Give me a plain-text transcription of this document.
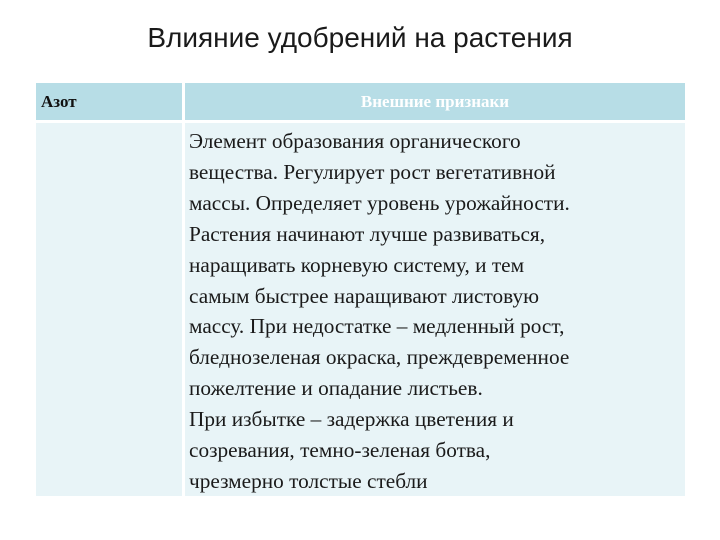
Влияние удобрений на растения
Азот	Внешние признаки

Элемент образования органического
вещества. Регулирует рост вегетативной
массы. Определяет уровень урожайности.
Растения начинают лучше развиваться,
наращивать корневую систему, и тем
самым быстрее наращивают листовую
массу. При недостатке – медленный рост,
бледнозеленая окраска, преждевременное
пожелтение и опадание листьев.
При избытке – задержка цветения и
созревания, темно-зеленая ботва,
чрезмерно толстые стебли
